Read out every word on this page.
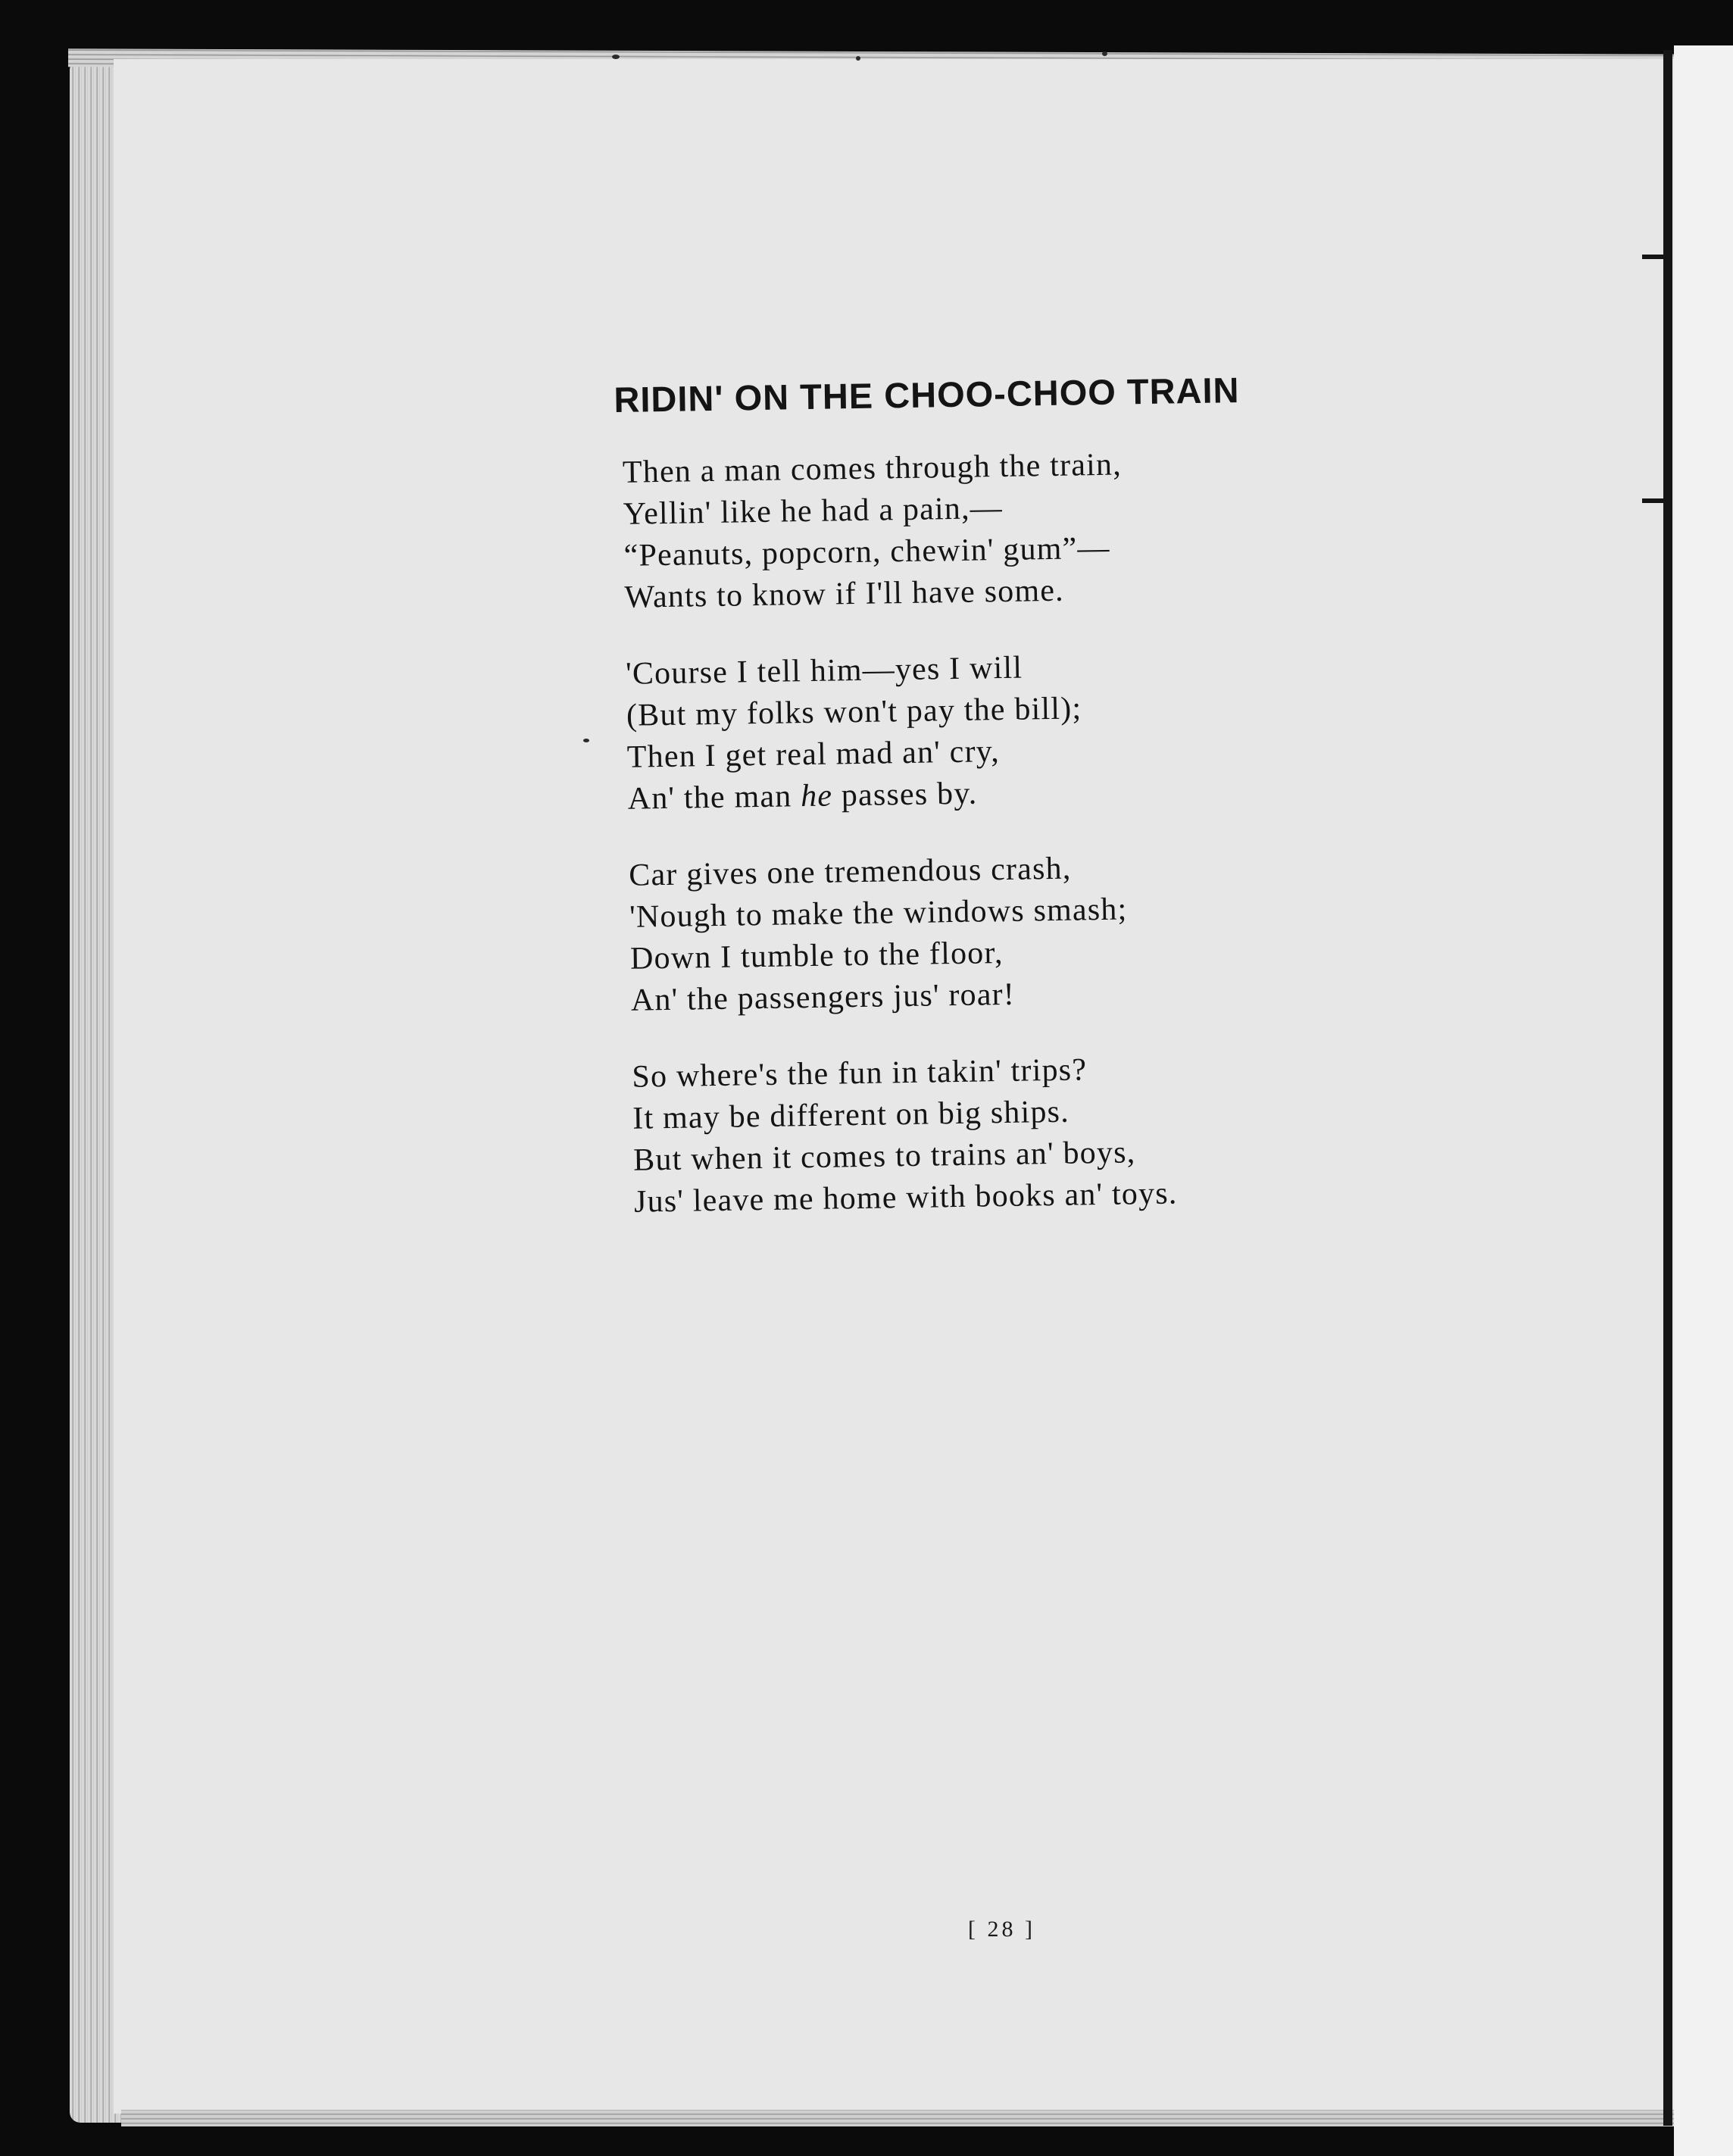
RIDIN' ON THE CHOO-CHOO TRAIN
Then a man comes through the train,
Yellin' like he had a pain,—
“Peanuts, popcorn, chewin' gum”—
Wants to know if I'll have some.
'Course I tell him—yes I will
(But my folks won't pay the bill);
Then I get real mad an' cry,
An' the man he passes by.
Car gives one tremendous crash,
'Nough to make the windows smash;
Down I tumble to the floor,
An' the passengers jus' roar!
So where's the fun in takin' trips?
It may be different on big ships.
But when it comes to trains an' boys,
Jus' leave me home with books an' toys.
[ 28 ]
